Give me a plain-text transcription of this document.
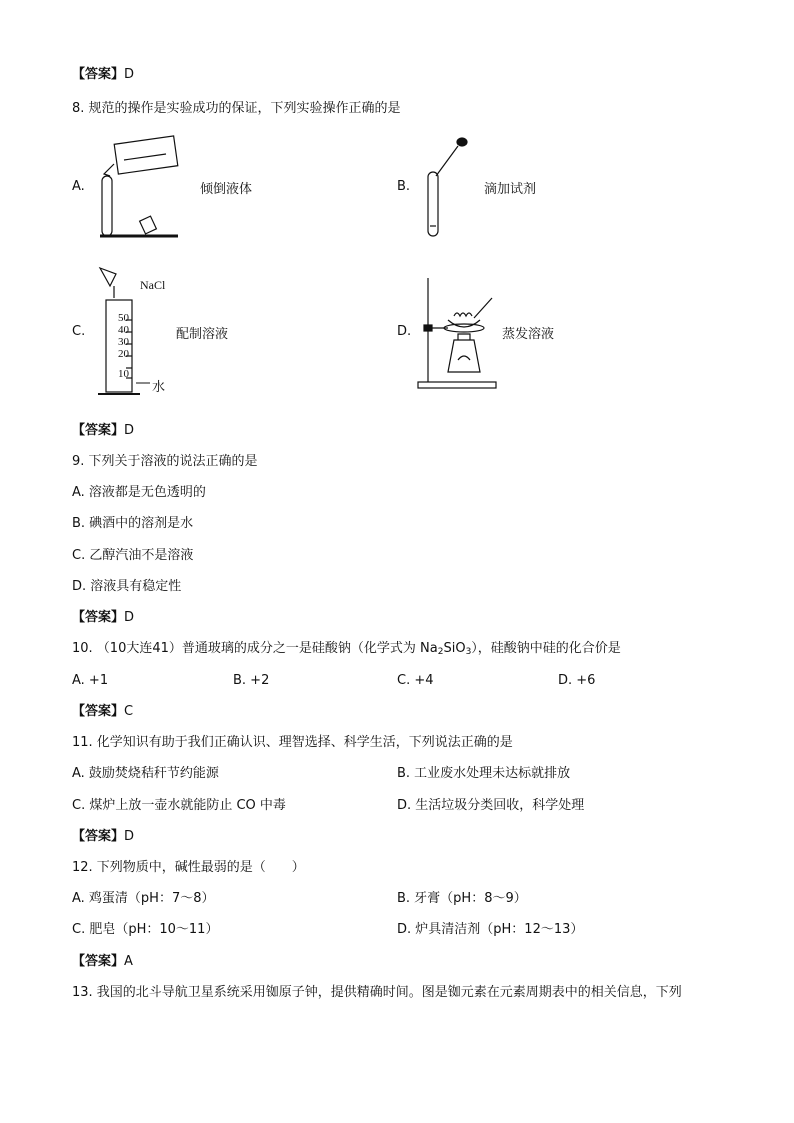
【答案】D
8. 规范的操作是实验成功的保证，下列实验操作正确的是
A.	倾倒液体	B.	滴加试剂
C.
NaCl
50
40
30
20
10
水
配制溶液	D.	蒸发溶液
【答案】D
9. 下列关于溶液的说法正确的是
A. 溶液都是无色透明的
B. 碘酒中的溶剂是水
C. 乙醇汽油不是溶液
D. 溶液具有稳定性
【答案】D
10. （10大连41）普通玻璃的成分之一是硅酸钠（化学式为 $Na_2SiO_3$），硅酸钠中硅的化合价是
A. +1	B. +2	C. +4	D. +6
【答案】C
11. 化学知识有助于我们正确认识、理智选择、科学生活，下列说法正确的是
A. 鼓励焚烧秸秆节约能源	B. 工业废水处理未达标就排放
C. 煤炉上放一壶水就能防止 CO 中毒	D. 生活垃圾分类回收，科学处理
【答案】D
12. 下列物质中，碱性最弱的是（　　）
A. 鸡蛋清（pH：7～8）	B. 牙膏（pH：8～9）
C. 肥皂（pH：10～11）	D. 炉具清洁剂（pH：12～13）
【答案】A
13. 我国的北斗导航卫星系统采用铷原子钟，提供精确时间。图是铷元素在元素周期表中的相关信息，下列
